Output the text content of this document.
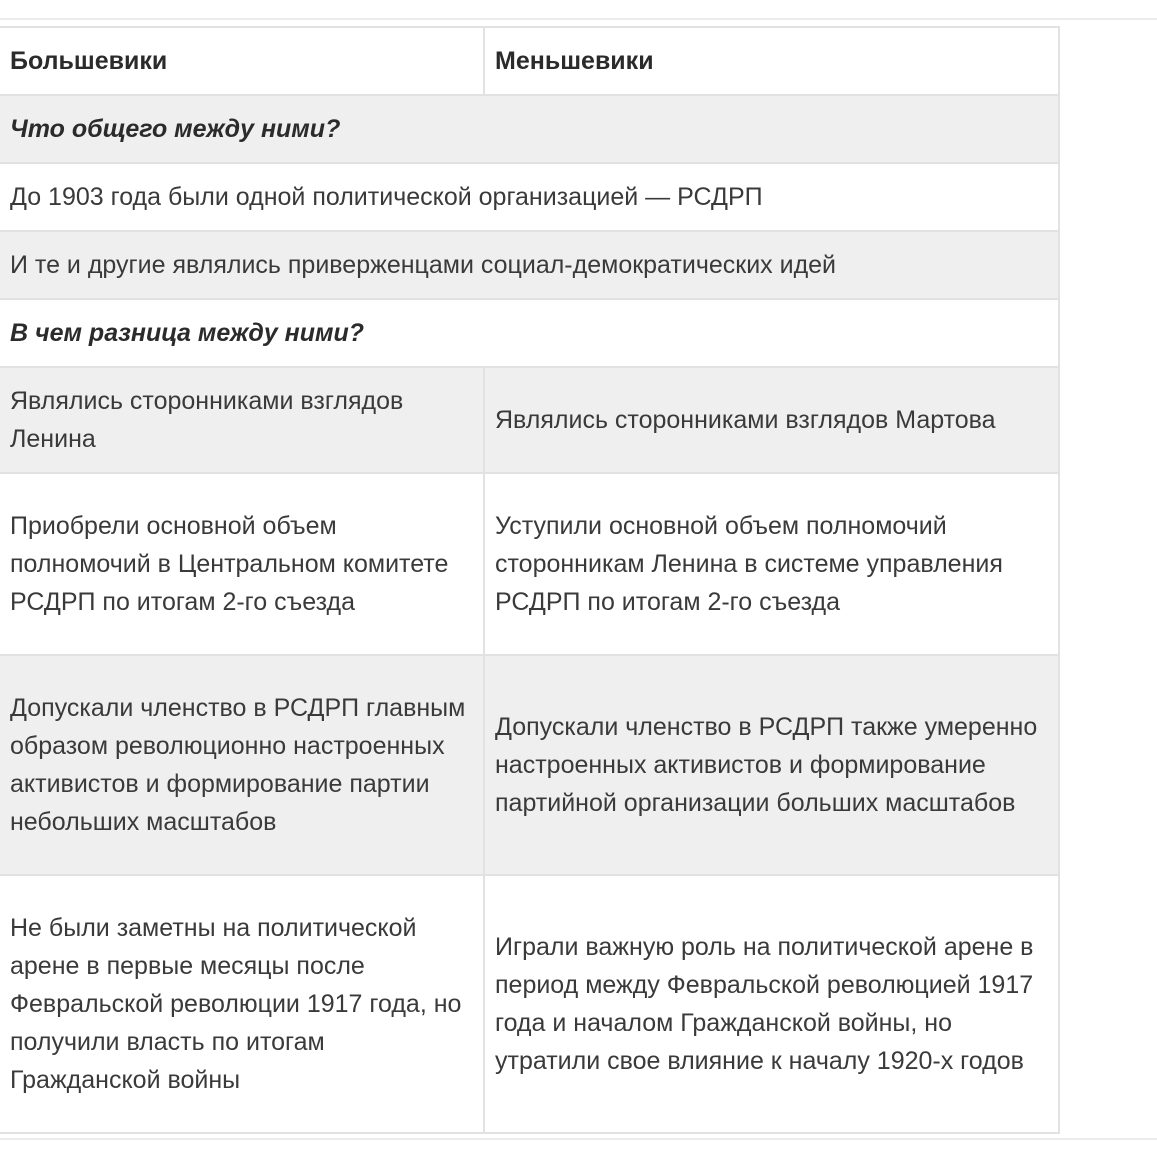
Большевики	Меньшевики
Что общего между ними?	
До 1903 года были одной политической организацией — РСДРП	
И те и другие являлись приверженцами социал-демократических идей	
В чем разница между ними?	
Являлись сторонниками взглядов Ленина	Являлись сторонниками взглядов Мартова
Приобрели основной объем полномочий в Центральном комитете РСДРП по итогам 2-го съезда	Уступили основной объем полномочий сторонникам Ленина в системе управления РСДРП по итогам 2-го съезда
Допускали членство в РСДРП главным образом революционно настроенных активистов и формирование партии небольших масштабов	Допускали членство в РСДРП также умеренно настроенных активистов и формирование партийной организации больших масштабов
Не были заметны на политической арене в первые месяцы после Февральской революции 1917 года, но получили власть по итогам Гражданской войны	Играли важную роль на политической арене в период между Февральской революцией 1917 года и началом Гражданской войны, но утратили свое влияние к началу 1920-х годов
